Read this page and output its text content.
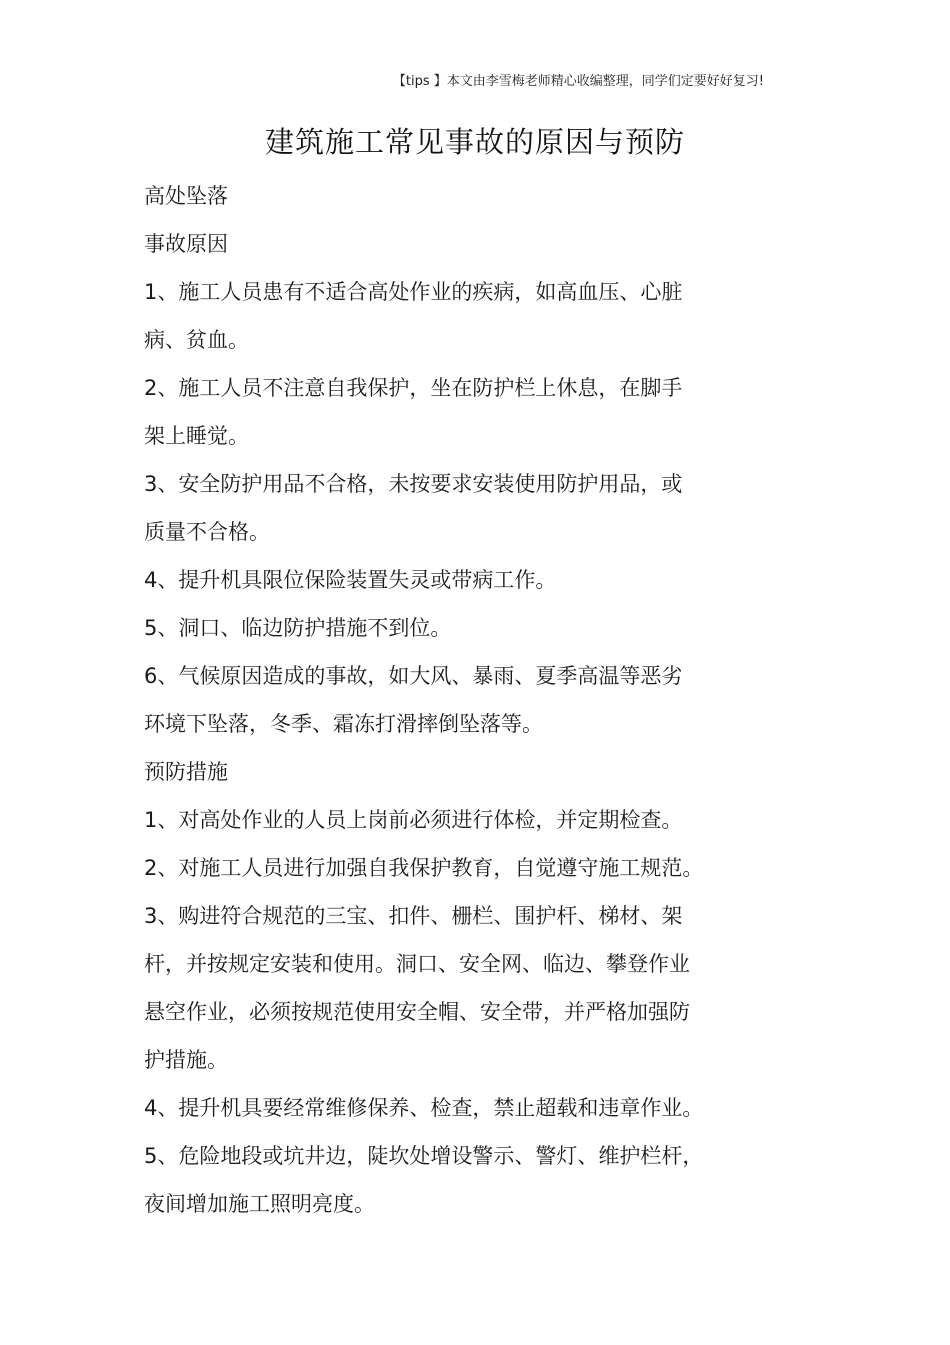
【tips 】本文由李雪梅老师精心收编整理，同学们定要好好复习!
建筑施工常见事故的原因与预防

高处坠落

事故原因

1、施工人员患有不适合高处作业的疾病，如高血压、心脏

病、贫血。

2、施工人员不注意自我保护，坐在防护栏上休息，在脚手

架上睡觉。

3、安全防护用品不合格，未按要求安装使用防护用品，或

质量不合格。

4、提升机具限位保险装置失灵或带病工作。

5、洞口、临边防护措施不到位。

6、气候原因造成的事故，如大风、暴雨、夏季高温等恶劣

环境下坠落，冬季、霜冻打滑摔倒坠落等。

预防措施

1、对高处作业的人员上岗前必须进行体检，并定期检查。

2、对施工人员进行加强自我保护教育，自觉遵守施工规范。

3、购进符合规范的三宝、扣件、栅栏、围护杆、梯材、架

杆，并按规定安装和使用。洞口、安全网、临边、攀登作业

悬空作业，必须按规范使用安全帽、安全带，并严格加强防

护措施。

4、提升机具要经常维修保养、检查，禁止超载和违章作业。

5、危险地段或坑井边，陡坎处增设警示、警灯、维护栏杆，

夜间增加施工照明亮度。
